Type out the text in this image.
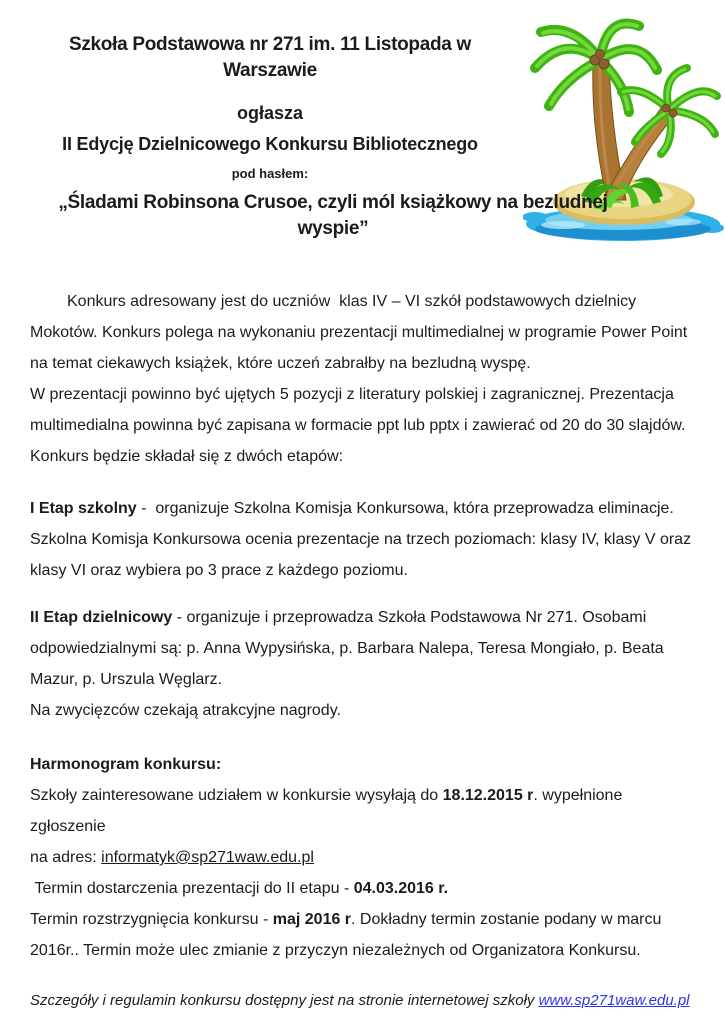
Szkoła Podstawowa nr 271 im. 11 Listopada w Warszawie
ogłasza
II Edycję Dzielnicowego Konkursu Bibliotecznego
pod hasłem:
„Śladami Robinsona Crusoe, czyli mól książkowy na bezludnej wyspie”
Konkurs adresowany jest do uczniów  klas IV – VI szkół podstawowych dzielnicy
Mokotów. Konkurs polega na wykonaniu prezentacji multimedialnej w programie Power Point
na temat ciekawych książek, które uczeń zabrałby na bezludną wyspę.
W prezentacji powinno być ujętych 5 pozycji z literatury polskiej i zagranicznej. Prezentacja
multimedialna powinna być zapisana w formacie ppt lub pptx i zawierać od 20 do 30 slajdów.
Konkurs będzie składał się z dwóch etapów:
I Etap szkolny -  organizuje Szkolna Komisja Konkursowa, która przeprowadza eliminacje.
Szkolna Komisja Konkursowa ocenia prezentacje na trzech poziomach: klasy IV, klasy V oraz
klasy VI oraz wybiera po 3 prace z każdego poziomu.
II Etap dzielnicowy - organizuje i przeprowadza Szkoła Podstawowa Nr 271. Osobami
odpowiedzialnymi są: p. Anna Wypysińska, p. Barbara Nalepa, Teresa Mongiało, p. Beata
Mazur, p. Urszula Węglarz.
Na zwycięzców czekają atrakcyjne nagrody.
Harmonogram konkursu:
Szkoły zainteresowane udziałem w konkursie wysyłają do 18.12.2015 r. wypełnione zgłoszenie
na adres: informatyk@sp271waw.edu.pl
Termin dostarczenia prezentacji do II etapu - 04.03.2016 r.
Termin rozstrzygnięcia konkursu - maj 2016 r. Dokładny termin zostanie podany w marcu
2016r.. Termin może ulec zmianie z przyczyn niezależnych od Organizatora Konkursu.
Szczegóły i regulamin konkursu dostępny jest na stronie internetowej szkoły www.sp271waw.edu.pl
